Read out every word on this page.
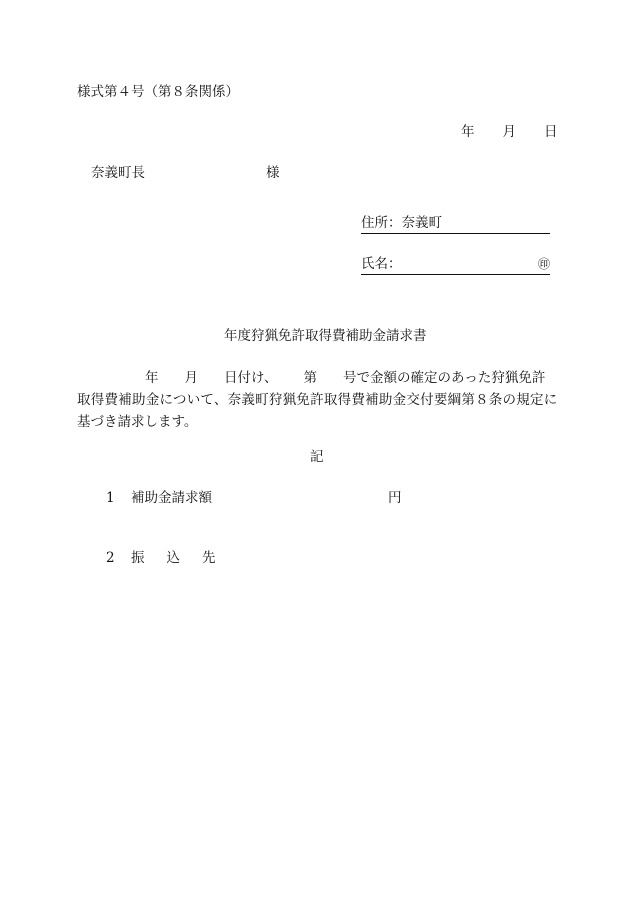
様式第４号（第８条関係）
年 月 日
奈義町長	様
住所：奈義町
氏名：	㊞
年度狩猟免許取得費補助金請求書
年 月 日付け、 第 号で金額の確定のあった狩猟免許
取得費補助金について、奈義町狩猟免許取得費補助金交付要綱第８条の規定に
基づき請求します。
記
1 補助金請求額	円
2 振 込 先
